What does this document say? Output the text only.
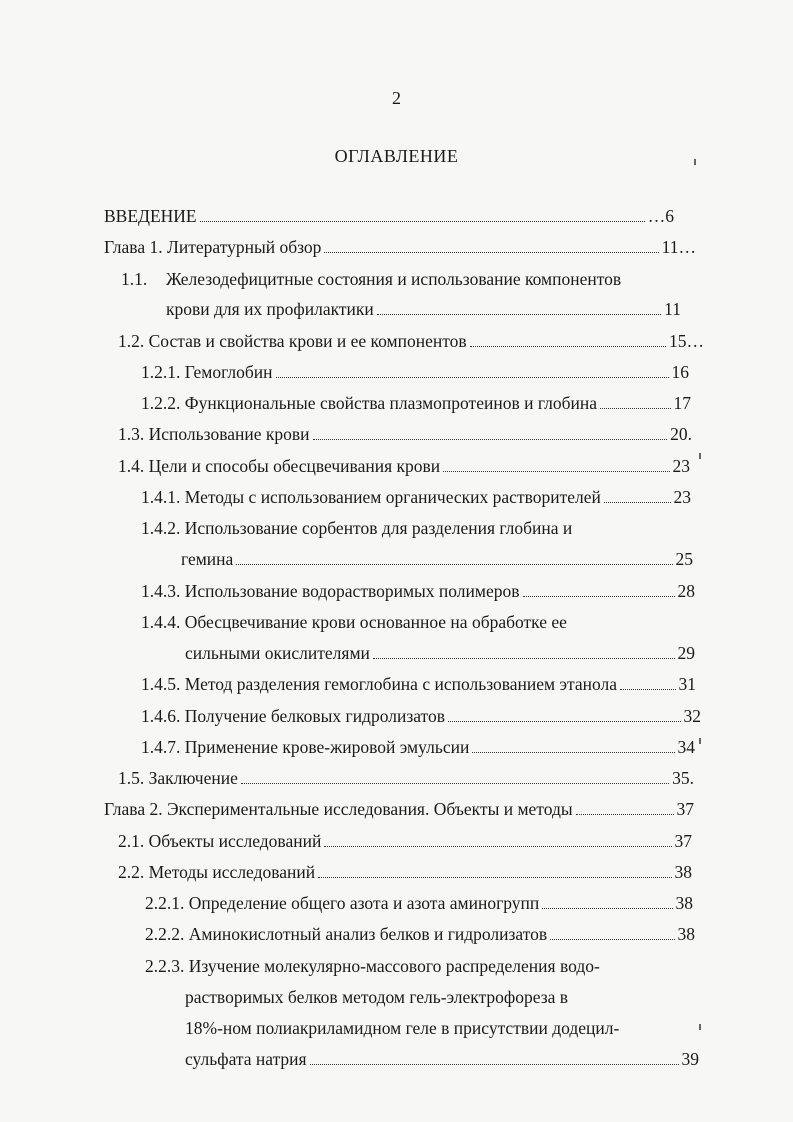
2
ОГЛАВЛЕНИЕ
ВВЕДЕНИЕ	…6
Глава 1. Литературный обзор	11…
1.1. Железодефицитные состояния и использование компонентов
крови для их профилактики	11
1.2. Состав и свойства крови и ее компонентов	15…
1.2.1. Гемоглобин	16
1.2.2. Функциональные свойства плазмопротеинов и глобина	17
1.3. Использование крови	20.
1.4. Цели и способы обесцвечивания крови	23
1.4.1. Методы с использованием органических растворителей	23
1.4.2. Использование сорбентов для разделения глобина и
гемина	25
1.4.3. Использование водорастворимых полимеров	28
1.4.4. Обесцвечивание крови основанное на обработке ее
сильными окислителями	29
1.4.5. Метод разделения гемоглобина с использованием этанола	31
1.4.6. Получение белковых гидролизатов	32
1.4.7. Применение крове-жировой эмульсии	34
1.5. Заключение	35.
Глава 2. Экспериментальные исследования. Объекты и методы	37
2.1. Объекты исследований	37
2.2. Методы исследований	38
2.2.1. Определение общего азота и азота аминогрупп	38
2.2.2. Аминокислотный анализ белков и гидролизатов	38
2.2.3. Изучение молекулярно-массового распределения водо-
растворимых белков методом гель-электрофореза в
18%-ном полиакриламидном геле в присутствии додецил-
сульфата натрия	39
